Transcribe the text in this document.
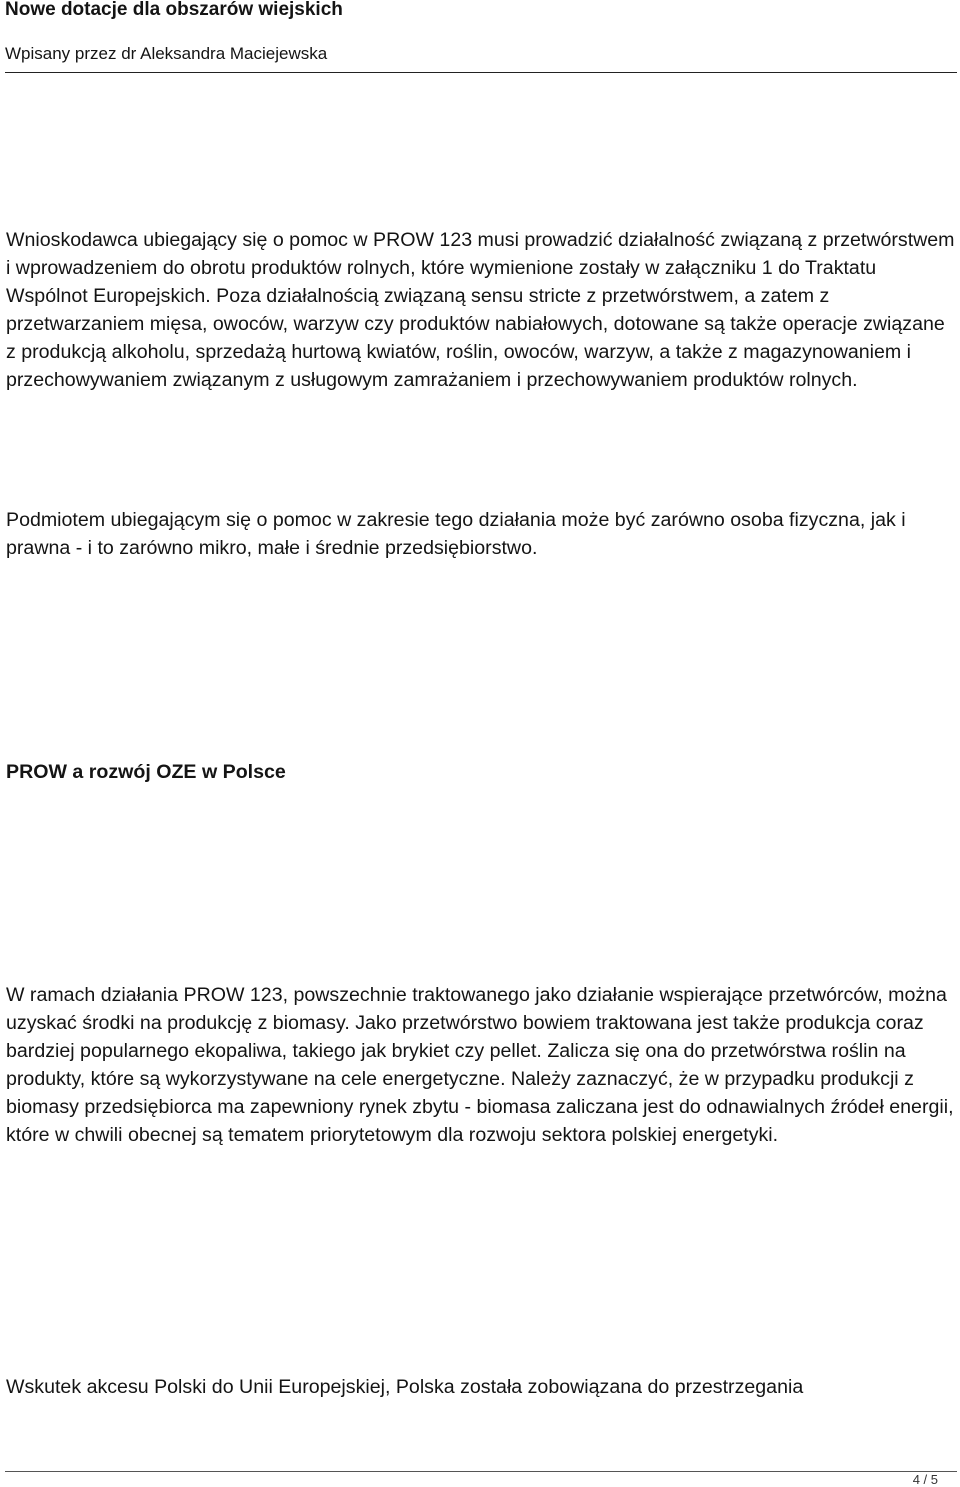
Nowe dotacje dla obszarów wiejskich
Wpisany przez dr Aleksandra Maciejewska

Wnioskodawca ubiegający się o pomoc w PROW 123 musi prowadzić działalność związaną z przetwórstwem i wprowadzeniem do obrotu produktów rolnych, które wymienione zostały w załączniku 1 do Traktatu Wspólnot Europejskich. Poza działalnością związaną sensu stricte z przetwórstwem, a zatem z przetwarzaniem mięsa, owoców, warzyw czy produktów nabiałowych, dotowane są także operacje związane z produkcją alkoholu, sprzedażą hurtową kwiatów, roślin, owoców, warzyw, a także z magazynowaniem i przechowywaniem związanym z usługowym zamrażaniem i przechowywaniem produktów rolnych.

Podmiotem ubiegającym się o pomoc w zakresie tego działania może być zarówno osoba fizyczna, jak i prawna - i to zarówno mikro, małe i średnie przedsiębiorstwo.

PROW a rozwój OZE w Polsce

W ramach działania PROW 123, powszechnie traktowanego jako działanie wspierające przetwórców, można uzyskać środki na produkcję z biomasy. Jako przetwórstwo bowiem traktowana jest także produkcja coraz bardziej popularnego ekopaliwa, takiego jak brykiet czy pellet. Zalicza się ona do przetwórstwa roślin na produkty, które są wykorzystywane na cele energetyczne. Należy zaznaczyć, że w przypadku produkcji z biomasy przedsiębiorca ma zapewniony rynek zbytu - biomasa zaliczana jest do odnawialnych źródeł energii, które w chwili obecnej są tematem priorytetowym dla rozwoju sektora polskiej energetyki.

Wskutek akcesu Polski do Unii Europejskiej, Polska została zobowiązana do przestrzegania

4 / 5
